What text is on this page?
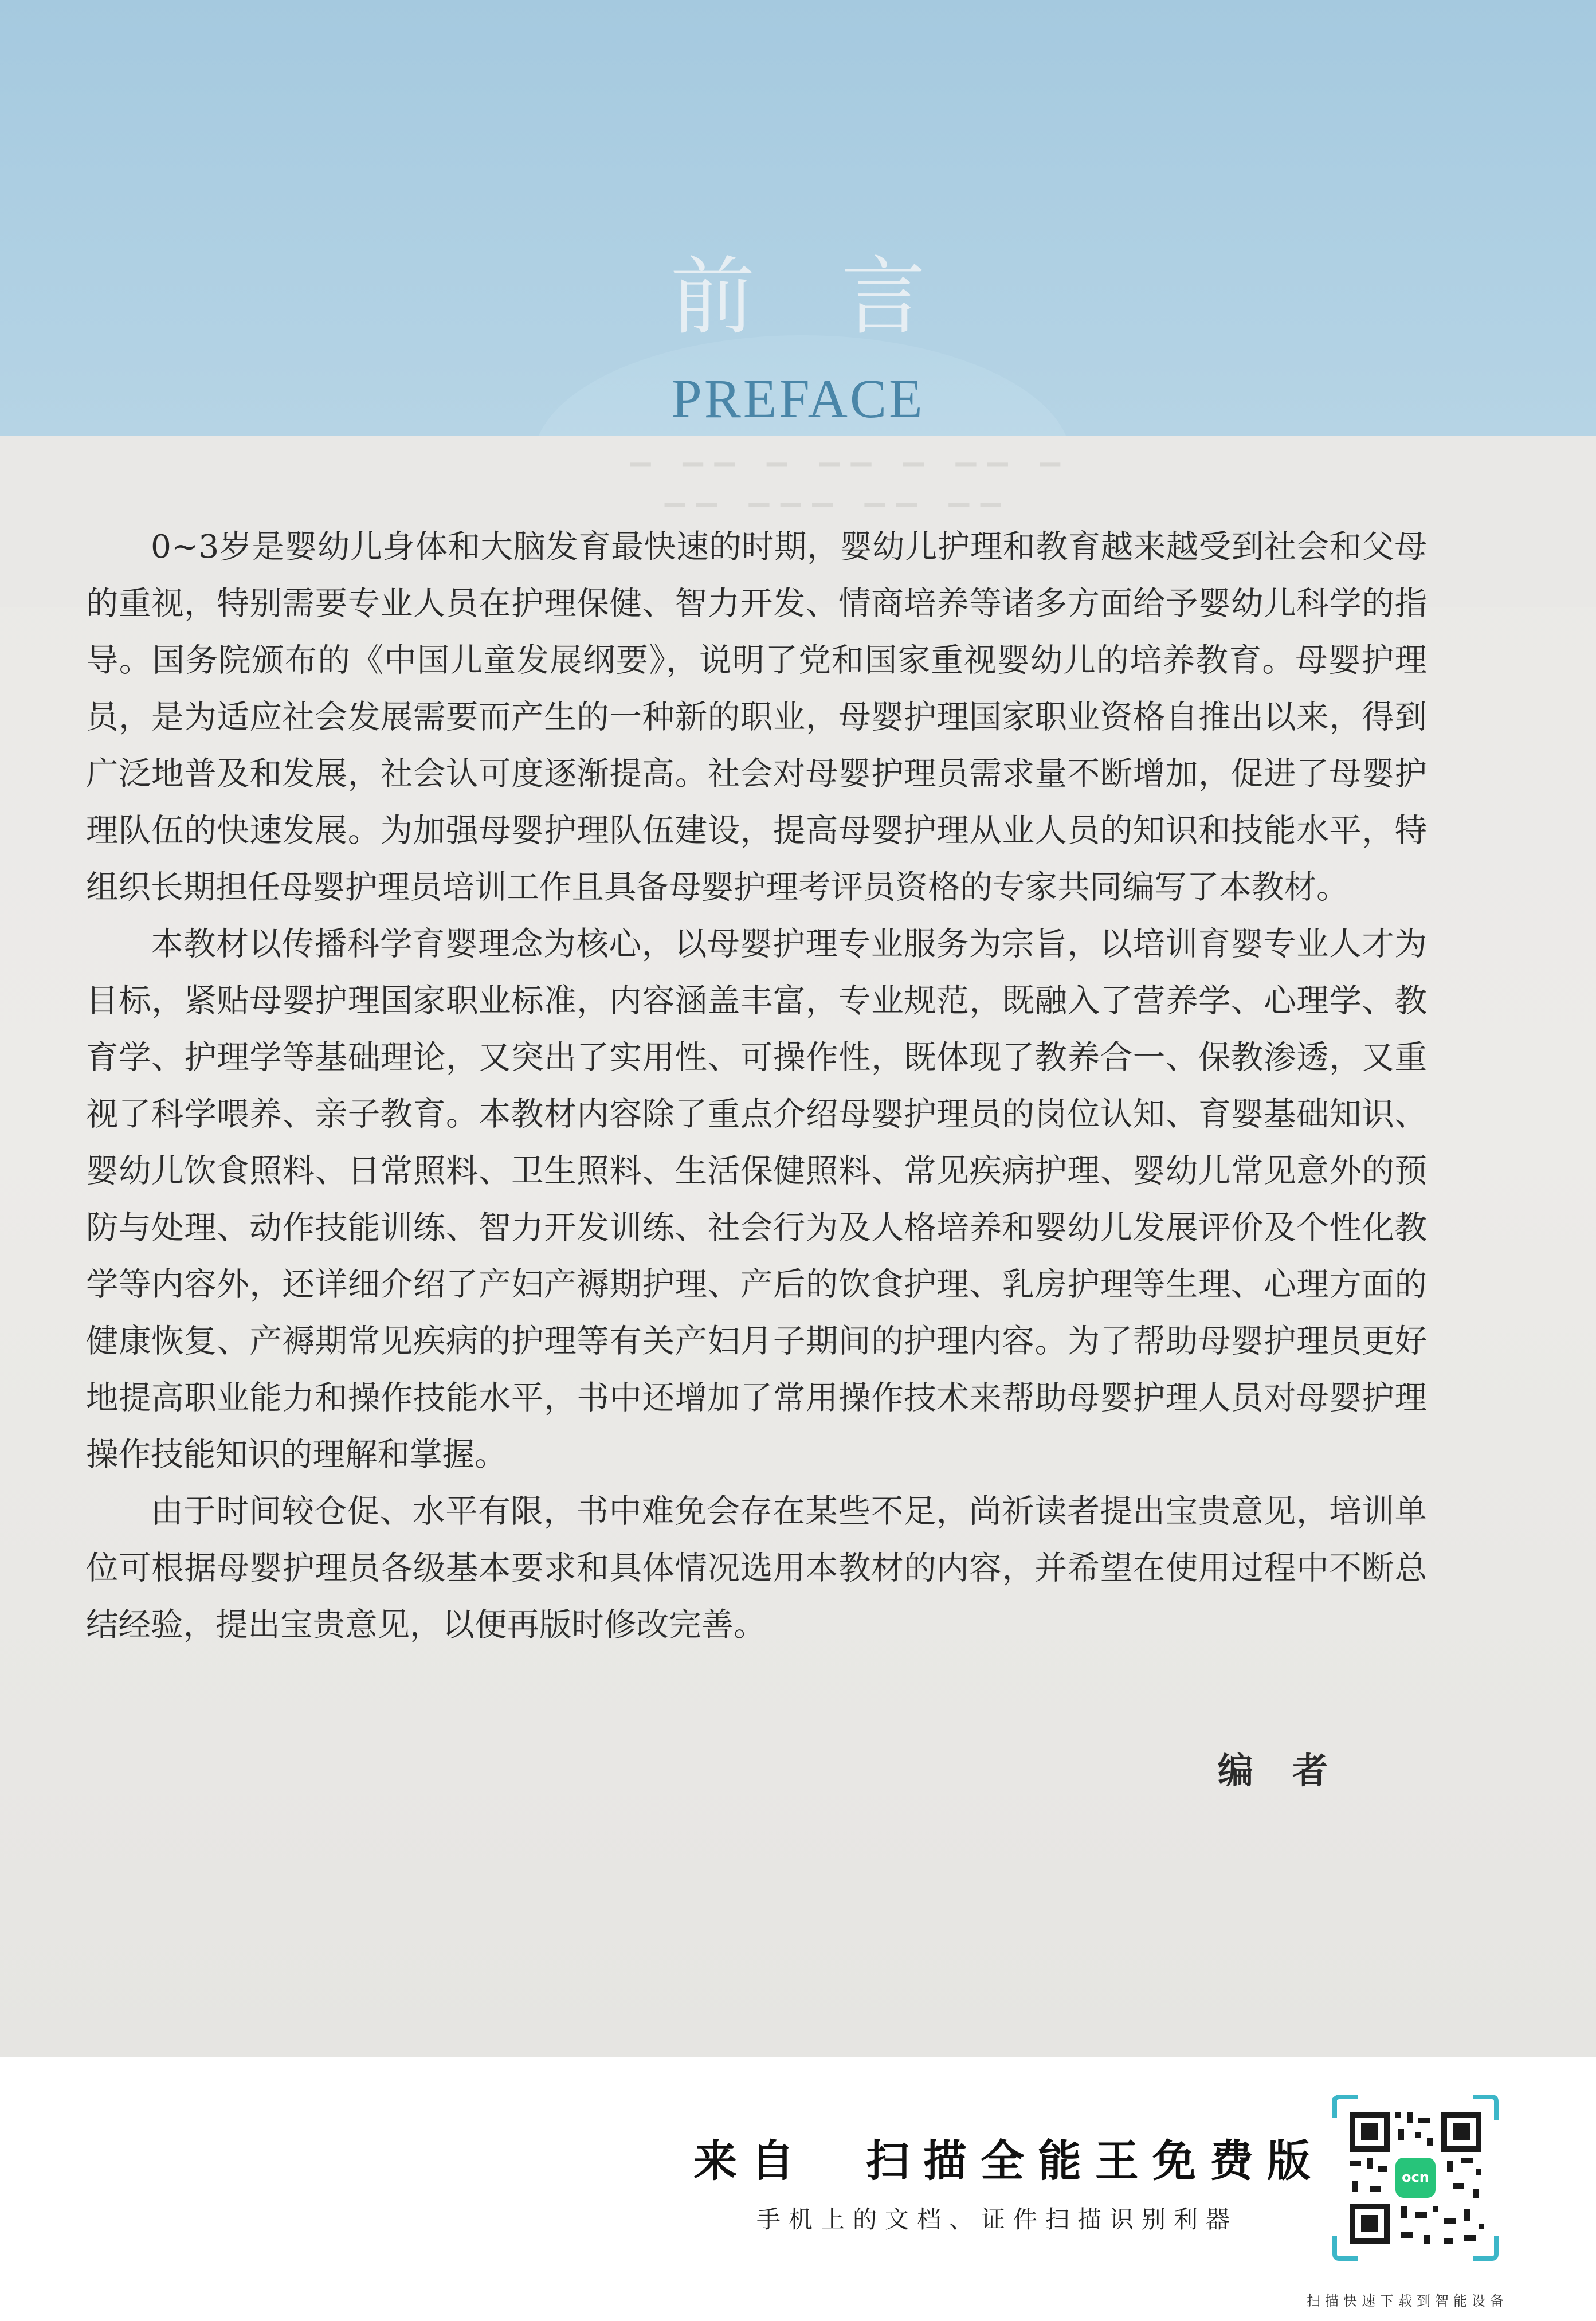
前言
PREFACE
▁ ▁▁ ▁ ▁▁ ▁ ▁▁ ▁
▁▁ ▁▁▁ ▁▁ ▁▁

0~3岁是婴幼儿身体和大脑发育最快速的时期，婴幼儿护理和教育越来越受到社会和父母的重视，特别需要专业人员在护理保健、智力开发、情商培养等诸多方面给予婴幼儿科学的指导。国务院颁布的《中国儿童发展纲要》，说明了党和国家重视婴幼儿的培养教育。母婴护理员，是为适应社会发展需要而产生的一种新的职业，母婴护理国家职业资格自推出以来，得到广泛地普及和发展，社会认可度逐渐提高。社会对母婴护理员需求量不断增加，促进了母婴护理队伍的快速发展。为加强母婴护理队伍建设，提高母婴护理从业人员的知识和技能水平，特组织长期担任母婴护理员培训工作且具备母婴护理考评员资格的专家共同编写了本教材。

本教材以传播科学育婴理念为核心，以母婴护理专业服务为宗旨，以培训育婴专业人才为目标，紧贴母婴护理国家职业标准，内容涵盖丰富，专业规范，既融入了营养学、心理学、教育学、护理学等基础理论，又突出了实用性、可操作性，既体现了教养合一、保教渗透，又重视了科学喂养、亲子教育。本教材内容除了重点介绍母婴护理员的岗位认知、育婴基础知识、婴幼儿饮食照料、日常照料、卫生照料、生活保健照料、常见疾病护理、婴幼儿常见意外的预防与处理、动作技能训练、智力开发训练、社会行为及人格培养和婴幼儿发展评价及个性化教学等内容外，还详细介绍了产妇产褥期护理、产后的饮食护理、乳房护理等生理、心理方面的健康恢复、产褥期常见疾病的护理等有关产妇月子期间的护理内容。为了帮助母婴护理员更好地提高职业能力和操作技能水平，书中还增加了常用操作技术来帮助母婴护理人员对母婴护理操作技能知识的理解和掌握。

由于时间较仓促、水平有限，书中难免会存在某些不足，尚祈读者提出宝贵意见，培训单位可根据母婴护理员各级基本要求和具体情况选用本教材的内容，并希望在使用过程中不断总结经验，提出宝贵意见，以便再版时修改完善。

编者
来自  扫描全能王免费版
手机上的文档、证件扫描识别利器
ocn
扫描快速下载到智能设备
